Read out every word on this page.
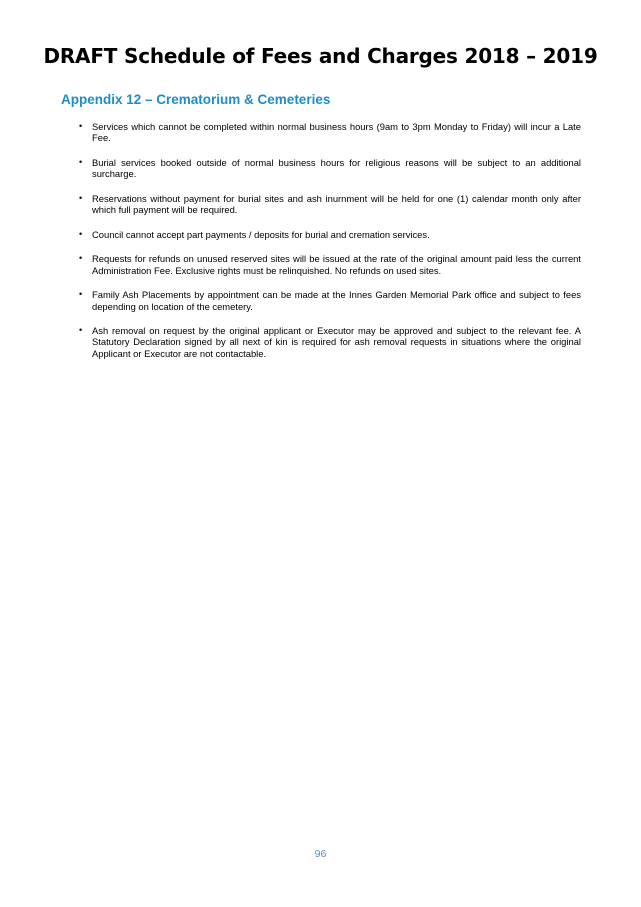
DRAFT Schedule of Fees and Charges 2018 – 2019
Appendix 12 – Crematorium & Cemeteries
• Services which cannot be completed within normal business hours (9am to 3pm Monday to Friday) will incur a Late Fee.
• Burial services booked outside of normal business hours for religious reasons will be subject to an additional surcharge.
• Reservations without payment for burial sites and ash inurnment will be held for one (1) calendar month only after which full payment will be required.
• Council cannot accept part payments / deposits for burial and cremation services.
• Requests for refunds on unused reserved sites will be issued at the rate of the original amount paid less the current Administration Fee. Exclusive rights must be relinquished. No refunds on used sites.
• Family Ash Placements by appointment can be made at the Innes Garden Memorial Park office and subject to fees depending on location of the cemetery.
• Ash removal on request by the original applicant or Executor may be approved and subject to the relevant fee. A Statutory Declaration signed by all next of kin is required for ash removal requests in situations where the original Applicant or Executor are not contactable.
96
